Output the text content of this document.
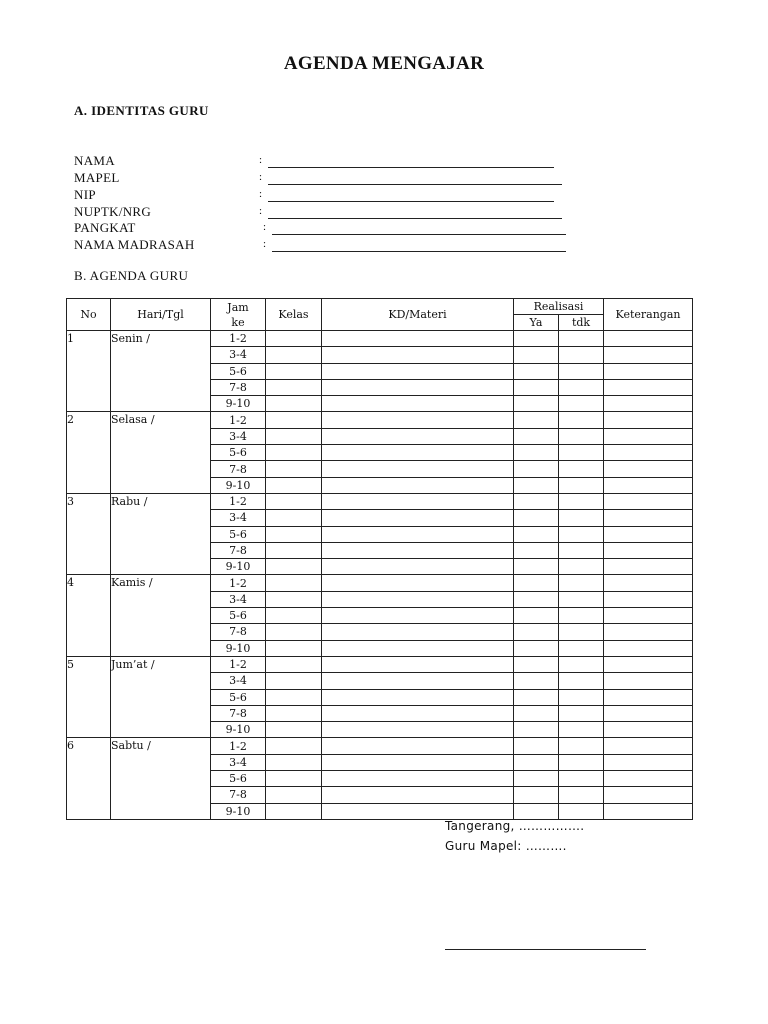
AGENDA MENGAJAR
A. IDENTITAS GURU
NAMA	:
MAPEL	:
NIP	:
NUPTK/NRG	:
PANGKAT	:
NAMA MADRASAH	:
B. AGENDA GURU
No	Hari/Tgl	Jam ke	Kelas	KD/Materi	Realisasi		Keterangan
					Ya	tdk	
1	Senin /	1-2					
		3-4					
		5-6					
		7-8					
		9-10					
2	Selasa /	1-2					
		3-4					
		5-6					
		7-8					
		9-10					
3	Rabu /	1-2					
		3-4					
		5-6					
		7-8					
		9-10					
4	Kamis /	1-2					
		3-4					
		5-6					
		7-8					
		9-10					
5	Jum’at /	1-2					
		3-4					
		5-6					
		7-8					
		9-10					
6	Sabtu /	1-2					
		3-4					
		5-6					
		7-8					
		9-10					
Tangerang, …………….
Guru Mapel: ……….
